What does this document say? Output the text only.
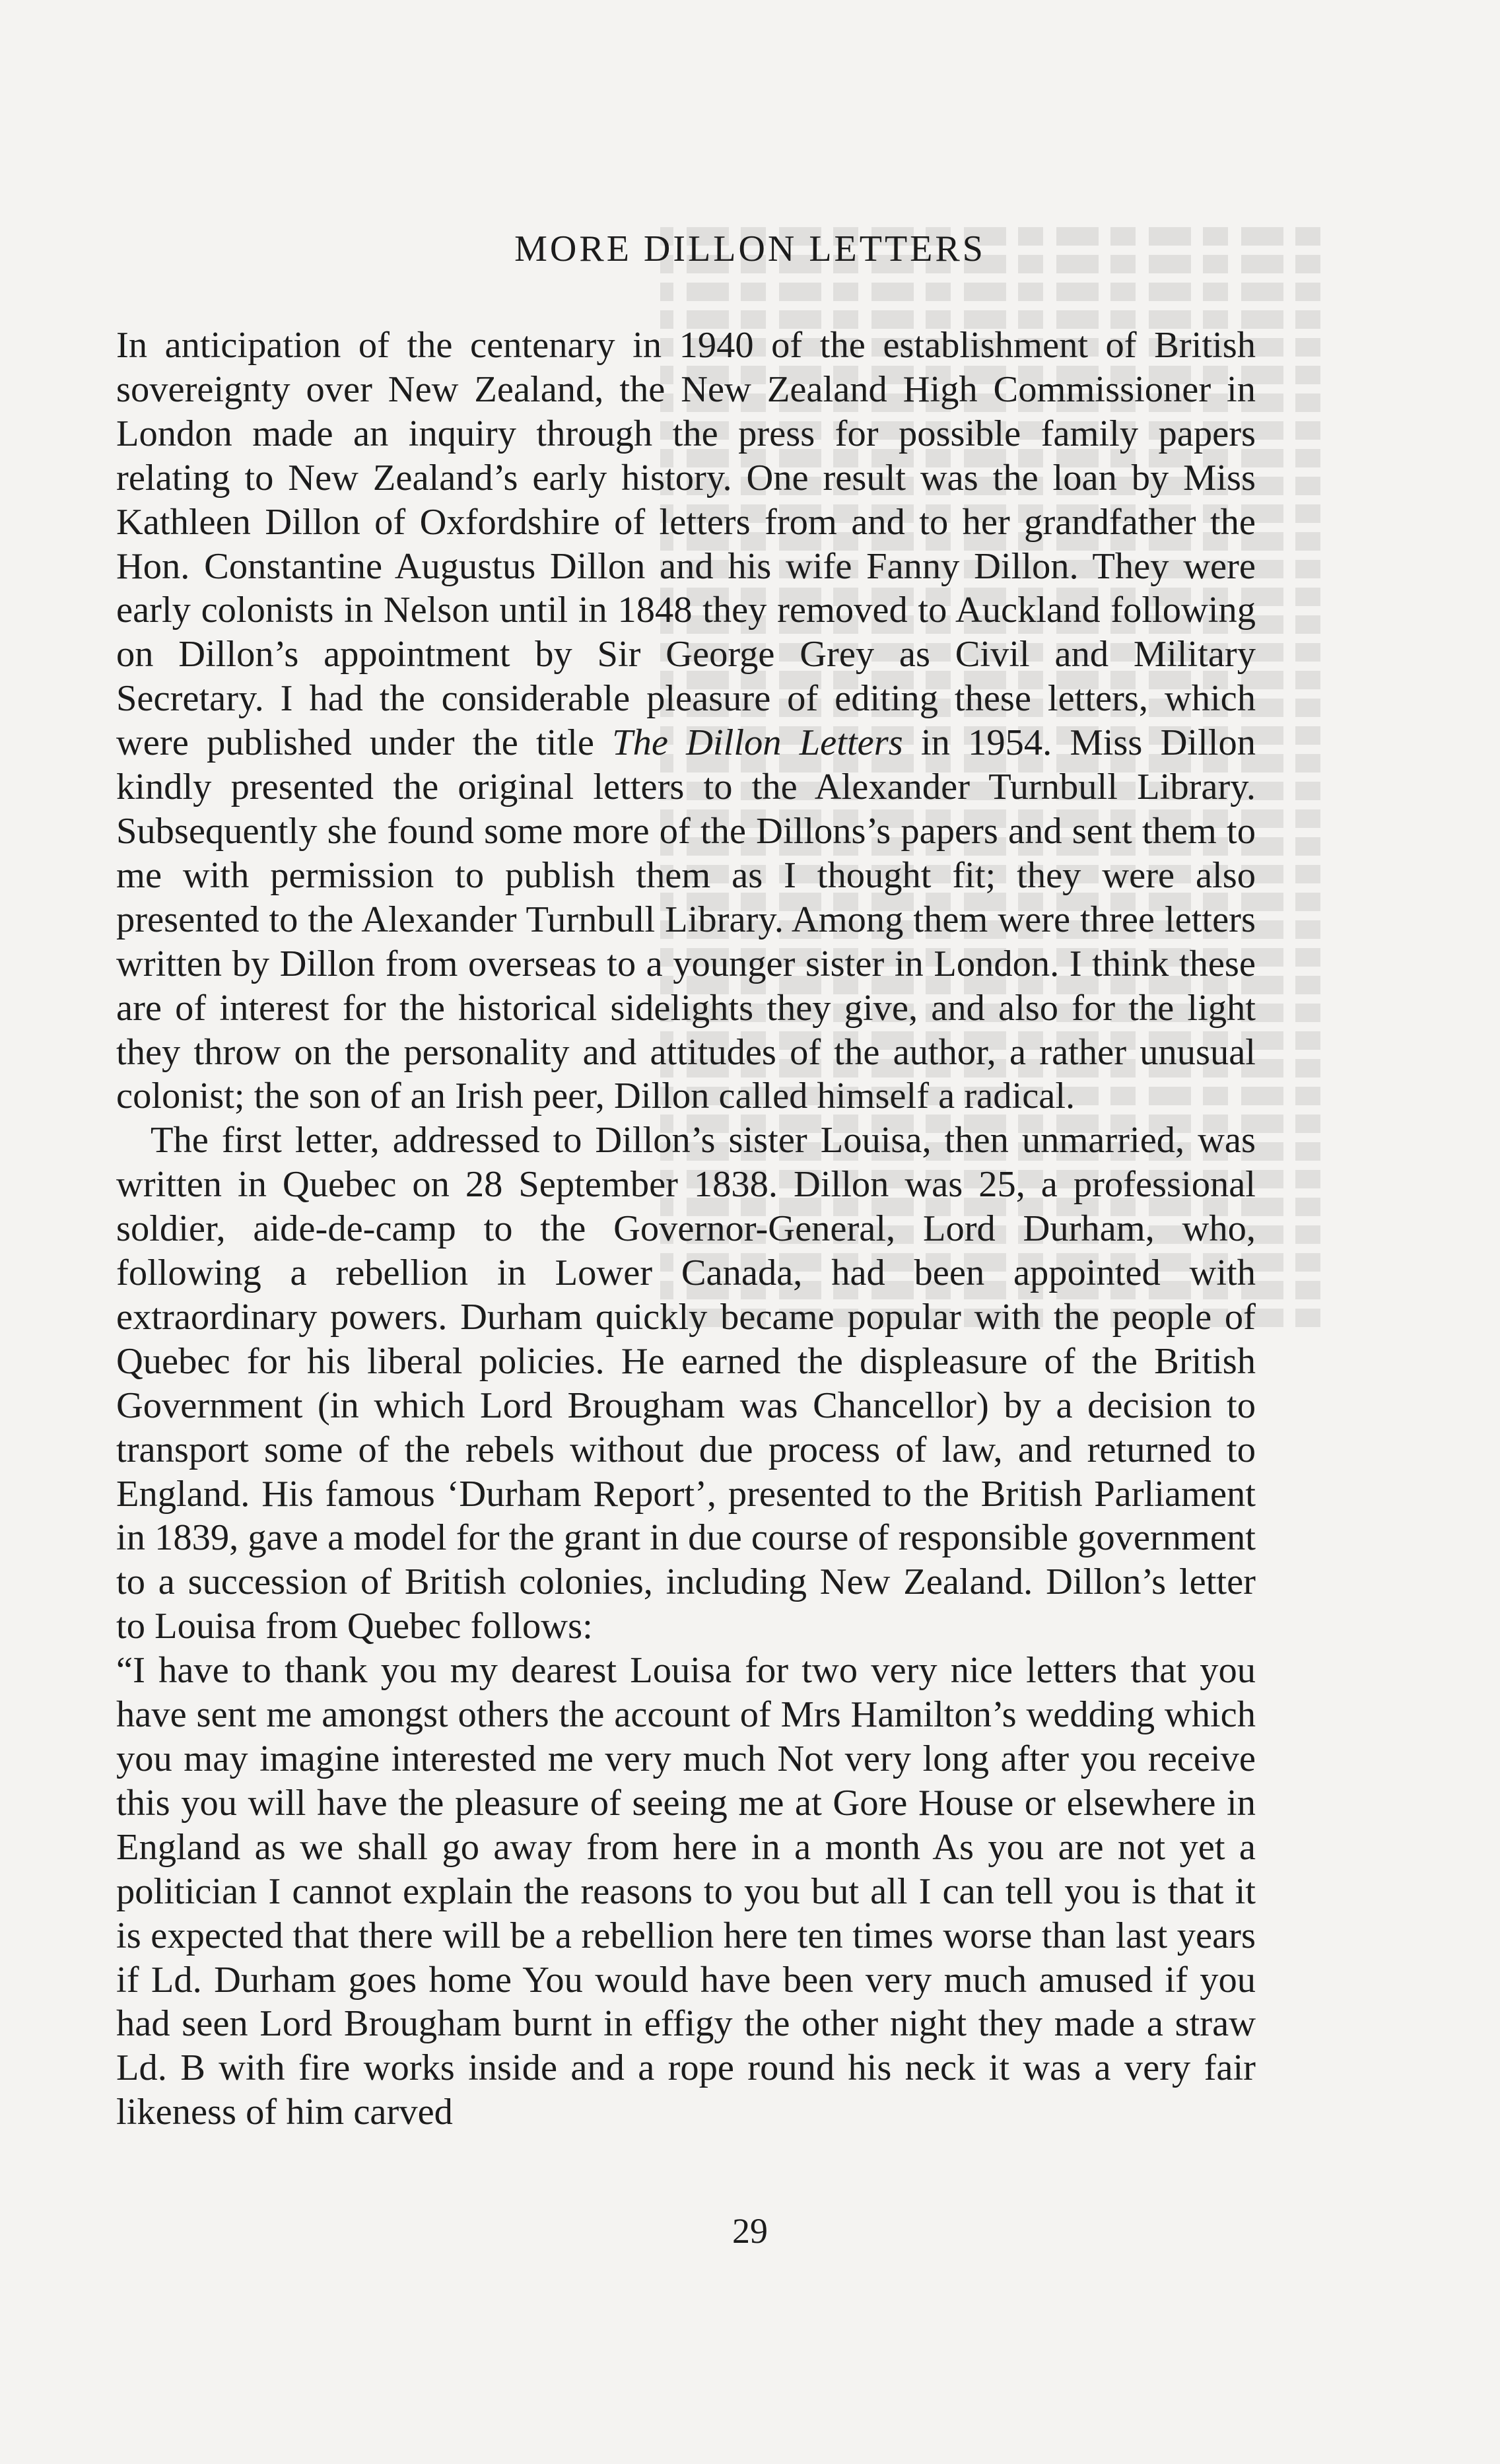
MORE DILLON LETTERS

In anticipation of the centenary in 1940 of the establishment of British sovereignty over New Zealand, the New Zealand High Commissioner in London made an inquiry through the press for possible family papers relating to New Zealand’s early history. One result was the loan by Miss Kathleen Dillon of Oxfordshire of letters from and to her grandfather the Hon. Constantine Augustus Dillon and his wife Fanny Dillon. They were early colonists in Nelson until in 1848 they removed to Auckland following on Dillon’s appointment by Sir George Grey as Civil and Military Secretary. I had the considerable pleasure of editing these letters, which were published under the title The Dillon Letters in 1954. Miss Dillon kindly presented the original letters to the Alexander Turnbull Library. Subsequently she found some more of the Dillons’s papers and sent them to me with permission to publish them as I thought fit; they were also presented to the Alexander Turnbull Library. Among them were three letters written by Dillon from overseas to a younger sister in London. I think these are of interest for the historical sidelights they give, and also for the light they throw on the personality and attitudes of the author, a rather unusual colonist; the son of an Irish peer, Dillon called himself a radical.

The first letter, addressed to Dillon’s sister Louisa, then unmarried, was written in Quebec on 28 September 1838. Dillon was 25, a professional soldier, aide-de-camp to the Governor-General, Lord Durham, who, following a rebellion in Lower Canada, had been appointed with extraordinary powers. Durham quickly became popular with the people of Quebec for his liberal policies. He earned the displeasure of the British Government (in which Lord Brougham was Chancellor) by a decision to transport some of the rebels without due process of law, and returned to England. His famous ‘Durham Report’, presented to the British Parliament in 1839, gave a model for the grant in due course of responsible government to a succession of British colonies, including New Zealand. Dillon’s letter to Louisa from Quebec follows:

“I have to thank you my dearest Louisa for two very nice letters that you have sent me amongst others the account of Mrs Hamilton’s wedding which you may imagine interested me very much Not very long after you receive this you will have the pleasure of seeing me at Gore House or elsewhere in England as we shall go away from here in a month As you are not yet a politician I cannot explain the reasons to you but all I can tell you is that it is expected that there will be a rebellion here ten times worse than last years if Ld. Durham goes home You would have been very much amused if you had seen Lord Brougham burnt in effigy the other night they made a straw Ld. B with fire works inside and a rope round his neck it was a very fair likeness of him carved

29
